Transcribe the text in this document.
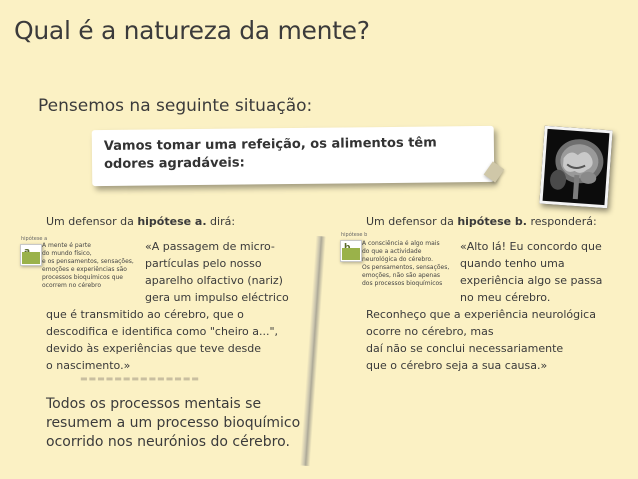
Qual é a natureza da mente?
Pensemos na seguinte situação:
Vamos tomar uma refeição, os alimentos têm odores agradáveis:
Um defensor da hipótese a. dirá:
hipótese a
A mente é parte
do mundo físico,
e os pensamentos, sensações,
emoções e experiências são
processos bioquímicos que
ocorrem no cérebro
«A passagem de micro-
partículas pelo nosso
aparelho olfactivo (nariz)
gera um impulso eléctrico
que é transmitido ao cérebro, que o
descodifica e identifica como "cheiro a...",
devido às experiências que teve desde
o nascimento.»
▬▬▬▬▬▬▬▬▬▬▬▬▬▬
Todos os processos mentais se resumem a um processo bioquímico ocorrido nos neurónios do cérebro.
Um defensor da hipótese b. responderá:
hipótese b
A consciência é algo mais
do que a actividade
neurológica do cérebro.
Os pensamentos, sensações,
emoções, não são apenas
dos processos bioquímicos
«Alto lá! Eu concordo que
quando tenho uma
experiência algo se passa
no meu cérebro.
Reconheço que a experiência neurológica
ocorre no cérebro, mas
daí não se conclui necessariamente
que o cérebro seja a sua causa.»
